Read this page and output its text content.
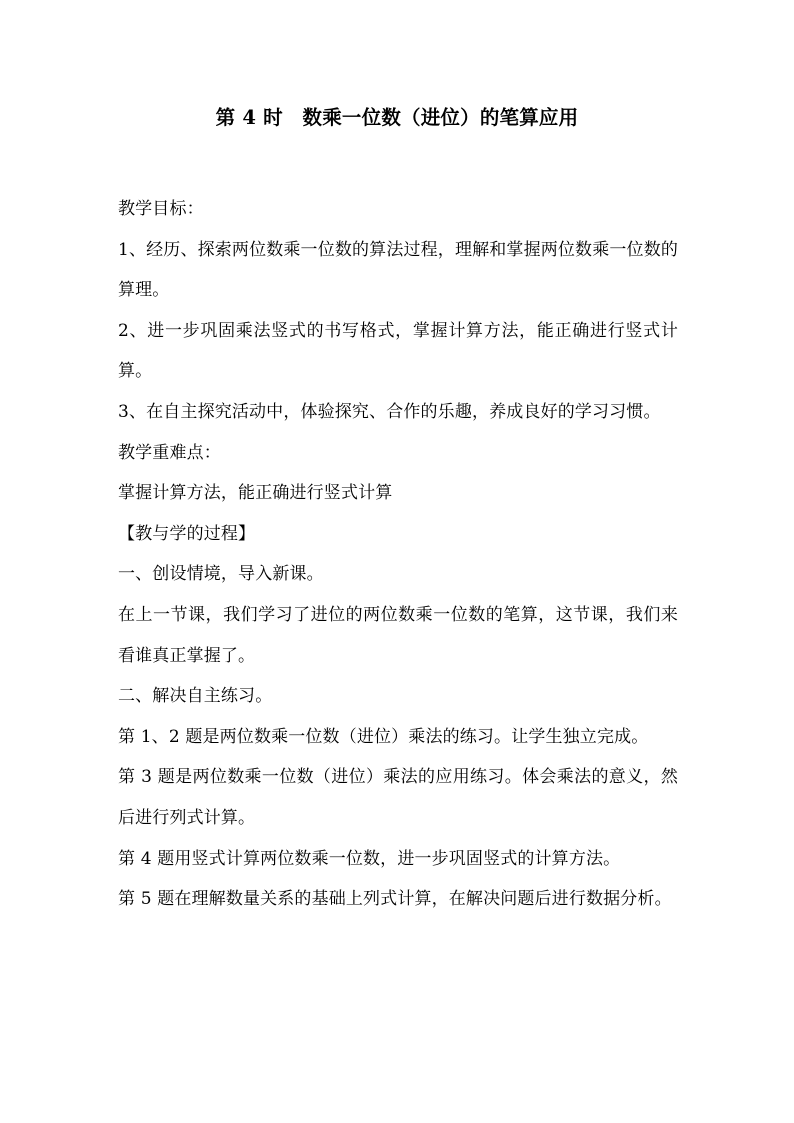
第 4 时　数乘一位数（进位）的笔算应用

教学目标：

1、经历、探索两位数乘一位数的算法过程，理解和掌握两位数乘一位数的算理。

2、进一步巩固乘法竖式的书写格式，掌握计算方法，能正确进行竖式计算。

3、在自主探究活动中，体验探究、合作的乐趣，养成良好的学习习惯。

教学重难点：

掌握计算方法，能正确进行竖式计算

【教与学的过程】

一、创设情境，导入新课。

在上一节课，我们学习了进位的两位数乘一位数的笔算，这节课，我们来看谁真正掌握了。

二、解决自主练习。

第 1、2 题是两位数乘一位数（进位）乘法的练习。让学生独立完成。

第 3 题是两位数乘一位数（进位）乘法的应用练习。体会乘法的意义，然后进行列式计算。

第 4 题用竖式计算两位数乘一位数，进一步巩固竖式的计算方法。

第 5 题在理解数量关系的基础上列式计算，在解决问题后进行数据分析。
